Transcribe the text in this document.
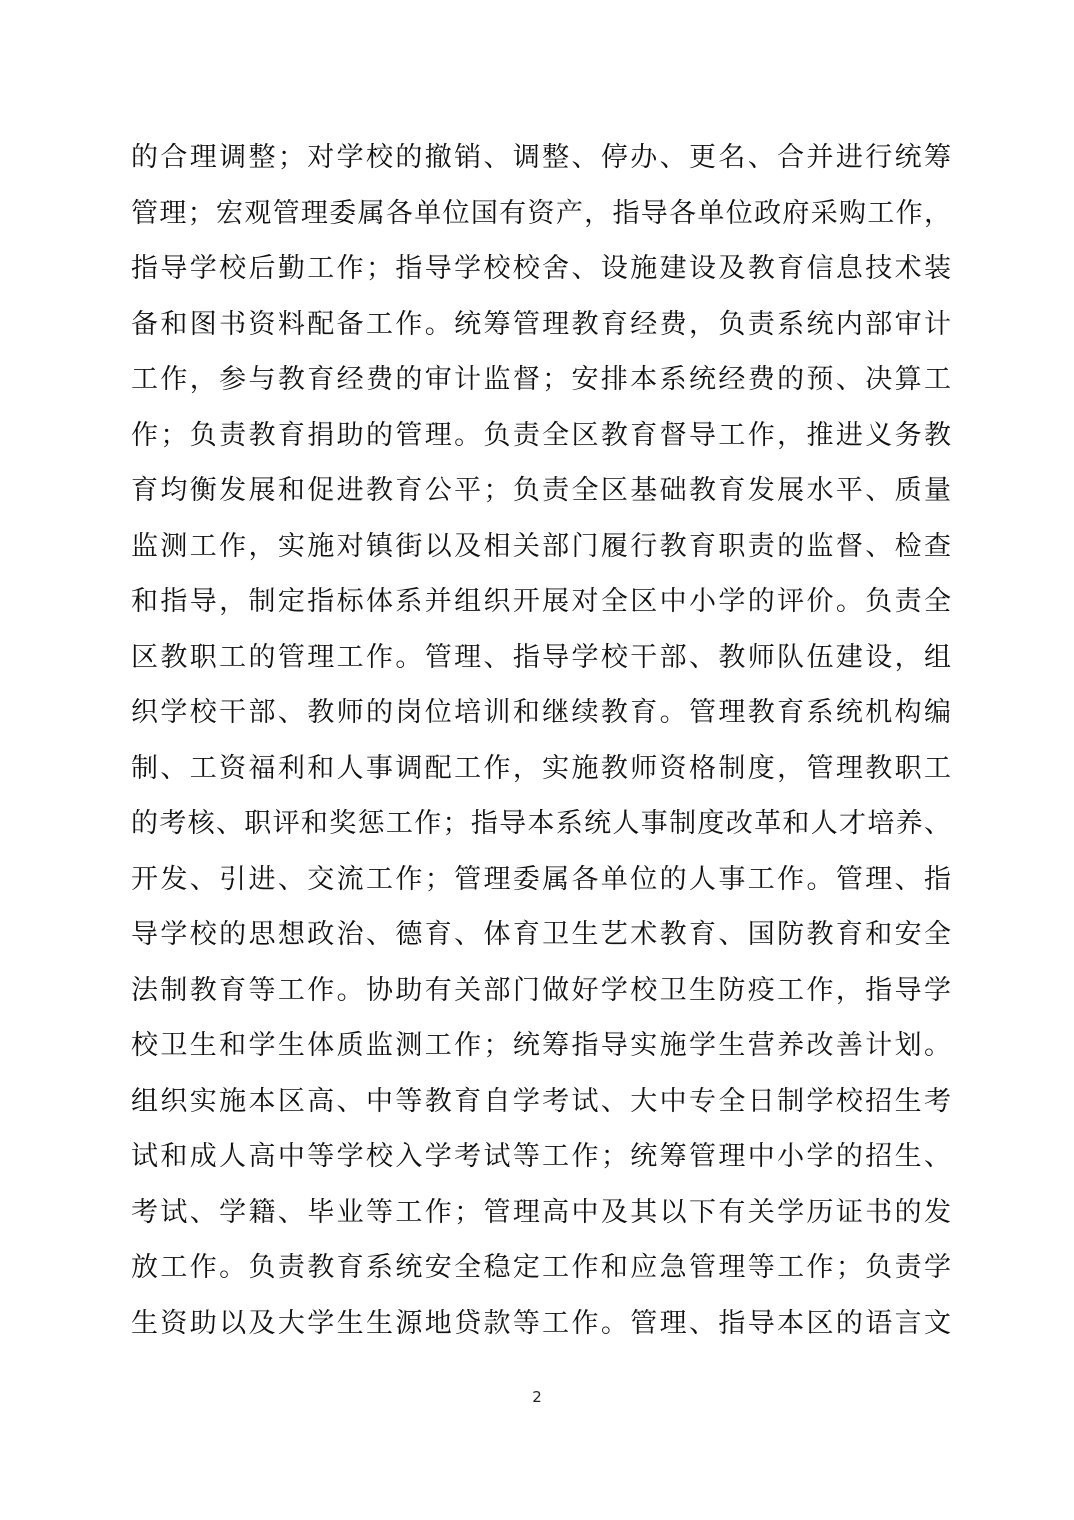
的合理调整；对学校的撤销、调整、停办、更名、合并进行统筹
管理；宏观管理委属各单位国有资产，指导各单位政府采购工作，
指导学校后勤工作；指导学校校舍、设施建设及教育信息技术装
备和图书资料配备工作。统筹管理教育经费，负责系统内部审计
工作，参与教育经费的审计监督；安排本系统经费的预、决算工
作；负责教育捐助的管理。负责全区教育督导工作，推进义务教
育均衡发展和促进教育公平；负责全区基础教育发展水平、质量
监测工作，实施对镇街以及相关部门履行教育职责的监督、检查
和指导，制定指标体系并组织开展对全区中小学的评价。负责全
区教职工的管理工作。管理、指导学校干部、教师队伍建设，组
织学校干部、教师的岗位培训和继续教育。管理教育系统机构编
制、工资福利和人事调配工作，实施教师资格制度，管理教职工
的考核、职评和奖惩工作；指导本系统人事制度改革和人才培养、
开发、引进、交流工作；管理委属各单位的人事工作。管理、指
导学校的思想政治、德育、体育卫生艺术教育、国防教育和安全
法制教育等工作。协助有关部门做好学校卫生防疫工作，指导学
校卫生和学生体质监测工作；统筹指导实施学生营养改善计划。
组织实施本区高、中等教育自学考试、大中专全日制学校招生考
试和成人高中等学校入学考试等工作；统筹管理中小学的招生、
考试、学籍、毕业等工作；管理高中及其以下有关学历证书的发
放工作。负责教育系统安全稳定工作和应急管理等工作；负责学
生资助以及大学生生源地贷款等工作。管理、指导本区的语言文
2
